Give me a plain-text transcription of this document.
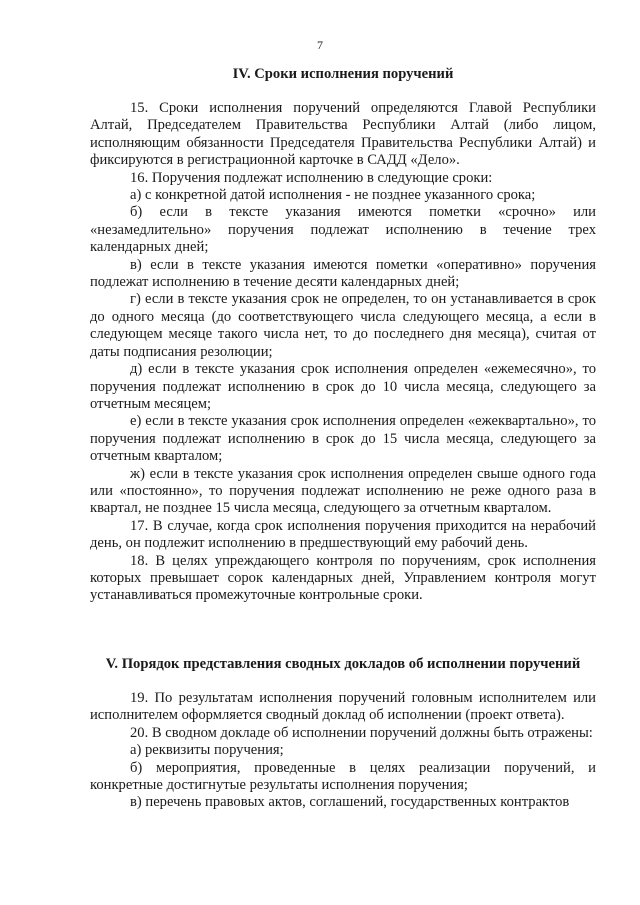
7
IV. Сроки исполнения поручений

15. Сроки исполнения поручений определяются Главой Республики Алтай, Председателем Правительства Республики Алтай (либо лицом, исполняющим обязанности Председателя Правительства Республики Алтай) и фиксируются в регистрационной карточке в САДД «Дело».

16. Поручения подлежат исполнению в следующие сроки:

а) с конкретной датой исполнения - не позднее указанного срока;

б) если в тексте указания имеются пометки «срочно» или «незамедлительно» поручения подлежат исполнению в течение трех календарных дней;

в) если в тексте указания имеются пометки «оперативно» поручения подлежат исполнению в течение десяти календарных дней;

г) если в тексте указания срок не определен, то он устанавливается в срок до одного месяца (до соответствующего числа следующего месяца, а если в следующем месяце такого числа нет, то до последнего дня месяца), считая от даты подписания резолюции;

д) если в тексте указания срок исполнения определен «ежемесячно», то поручения подлежат исполнению в срок до 10 числа месяца, следующего за отчетным месяцем;

е) если в тексте указания срок исполнения определен «ежеквартально», то поручения подлежат исполнению в срок до 15 числа месяца, следующего за отчетным кварталом;

ж) если в тексте указания срок исполнения определен свыше одного года или «постоянно», то поручения подлежат исполнению не реже одного раза в квартал, не позднее 15 числа месяца, следующего за отчетным кварталом.

17. В случае, когда срок исполнения поручения приходится на нерабочий день, он подлежит исполнению в предшествующий ему рабочий день.

18. В целях упреждающего контроля по поручениям, срок исполнения которых превышает сорок календарных дней, Управлением контроля могут устанавливаться промежуточные контрольные сроки.

V. Порядок представления сводных докладов об исполнении поручений

19. По результатам исполнения поручений головным исполнителем или исполнителем оформляется сводный доклад об исполнении (проект ответа).

20. В сводном докладе об исполнении поручений должны быть отражены:

а) реквизиты поручения;

б) мероприятия, проведенные в целях реализации поручений, и конкретные достигнутые результаты исполнения поручения;

в) перечень правовых актов, соглашений, государственных контрактов
